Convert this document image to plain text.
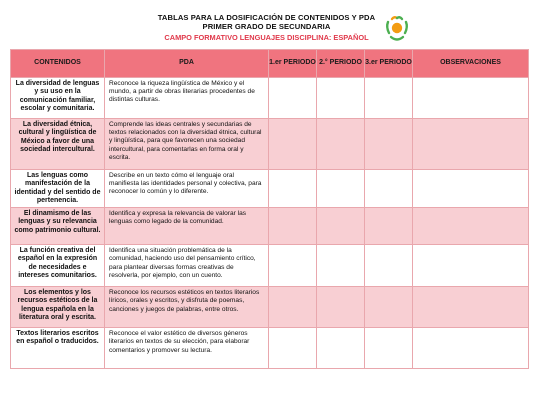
TABLAS PARA LA DOSIFICACIÓN DE CONTENIDOS Y PDA
PRIMER GRADO DE SECUNDARIA
CAMPO FORMATIVO LENGUAJES DISCIPLINA: ESPAÑOL
CONTENIDOS	PDA	1.er PERIODO	2.° PERIODO	3.er PERIODO	OBSERVACIONES
La diversidad de lenguas y su uso en la comunicación familiar, escolar y comunitaria.	Reconoce la riqueza lingüística de México y el mundo, a partir de obras literarias procedentes de distintas culturas.				
La diversidad étnica, cultural y lingüística de México a favor de una sociedad intercultural.	Comprende las ideas centrales y secundarias de textos relacionados con la diversidad étnica, cultural y lingüística, para que favorecen una sociedad intercultural, para comentarlas en forma oral y escrita.				
Las lenguas como manifestación de la identidad y del sentido de pertenencia.	Describe en un texto cómo el lenguaje oral manifiesta las identidades personal y colectiva, para reconocer lo común y lo diferente.				
El dinamismo de las lenguas y su relevancia como patrimonio cultural.	Identifica y expresa la relevancia de valorar las lenguas como legado de la comunidad.				
La función creativa del español en la expresión de necesidades e intereses comunitarios.	Identifica una situación problemática de la comunidad, haciendo uso del pensamiento crítico, para plantear diversas formas creativas de resolverla, por ejemplo, con un cuento.				
Los elementos y los recursos estéticos de la lengua española en la literatura oral y escrita.	Reconoce los recursos estéticos en textos literarios líricos, orales y escritos, y disfruta de poemas, canciones y juegos de palabras, entre otros.				
Textos literarios escritos en español o traducidos.	Reconoce el valor estético de diversos géneros literarios en textos de su elección, para elaborar comentarios y promover su lectura.				
